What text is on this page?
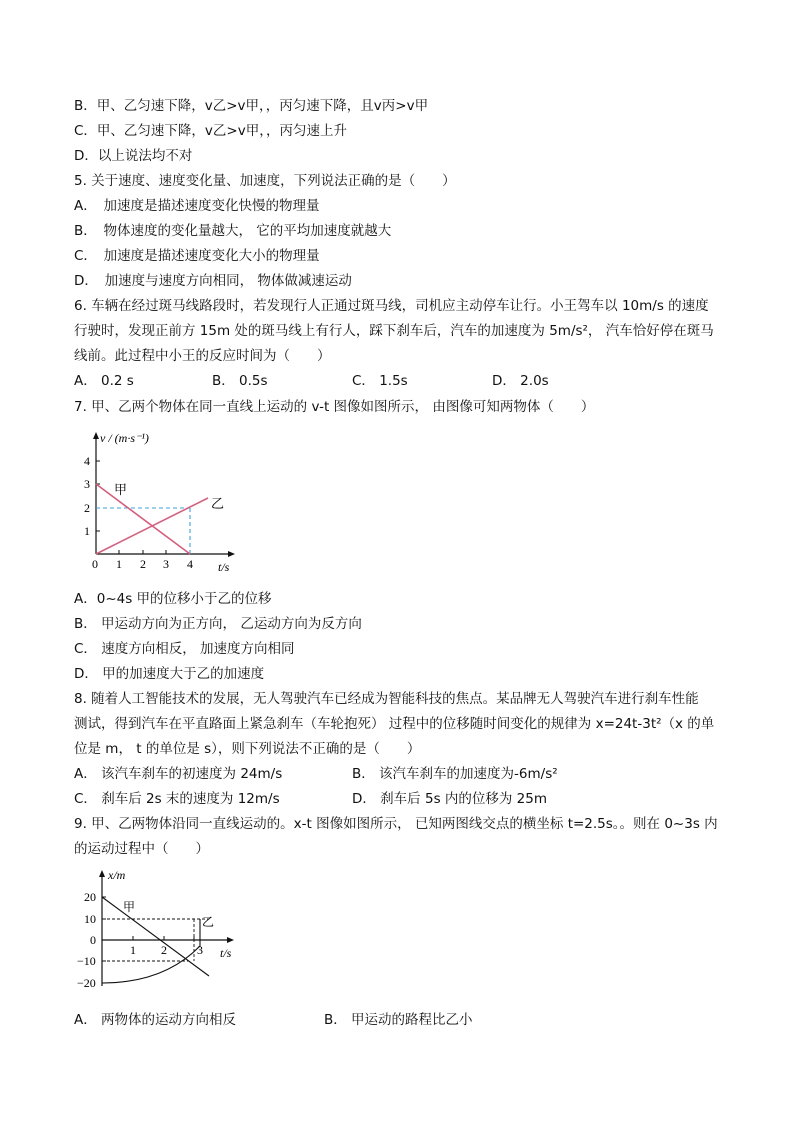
B．甲、乙匀速下降，v乙>v甲，，丙匀速下降，且v丙>v甲
C．甲、乙匀速下降，v乙>v甲，，丙匀速上升
D．以上说法均不对
5. 关于速度、速度变化量、加速度，下列说法正确的是（　　）
A．　加速度是描述速度变化快慢的物理量
B．　物体速度的变化量越大， 它的平均加速度就越大
C．　加速度是描述速度变化大小的物理量
D．　加速度与速度方向相同， 物体做减速运动
6. 车辆在经过斑马线路段时，若发现行人正通过斑马线，司机应主动停车让行。小王驾车以 10m/s 的速度
行驶时，发现正前方 15m 处的斑马线上有行人，踩下刹车后，汽车的加速度为 5m/s²， 汽车恰好停在斑马
线前。此过程中小王的反应时间为（　　）
A． 0.2 s	B． 0.5s	C． 1.5s	D． 2.0s
7. 甲、乙两个物体在同一直线上运动的 v-t 图像如图所示， 由图像可知两物体（　　）
v / (m·s⁻¹)
t/s
4
3
2
1
0 1 2 3 4
甲
乙
A．0~4s 甲的位移小于乙的位移
B． 甲运动方向为正方向， 乙运动方向为反方向
C． 速度方向相反， 加速度方向相同
D． 甲的加速度大于乙的加速度
8. 随着人工智能技术的发展，无人驾驶汽车已经成为智能科技的焦点。某品牌无人驾驶汽车进行刹车性能
测试，得到汽车在平直路面上紧急刹车（车轮抱死） 过程中的位移随时间变化的规律为 x=24t-3t²（x 的单
位是 m， t 的单位是 s），则下列说法不正确的是（　　）
A． 该汽车刹车的初速度为 24m/s	B． 该汽车刹车的加速度为-6m/s²
C． 刹车后 2s 末的速度为 12m/s	D． 刹车后 5s 内的位移为 25m
9. 甲、乙两物体沿同一直线运动的。x-t 图像如图所示， 已知两图线交点的横坐标 t=2.5s。。则在 0~3s 内
的运动过程中（　　）
x/m
t/s
20
10
0
−10
−20
1 2	3
甲
乙
A． 两物体的运动方向相反	B． 甲运动的路程比乙小
